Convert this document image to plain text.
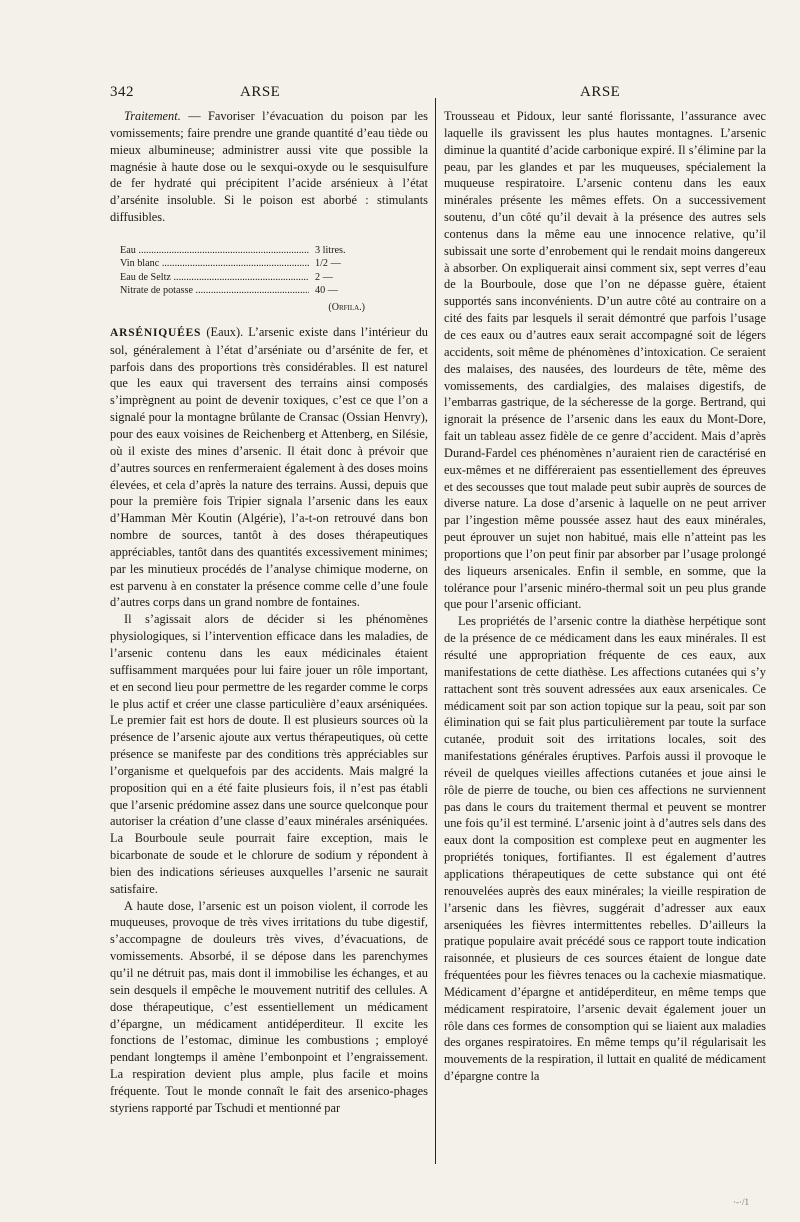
342	ARSE	ARSE

Traitement. — Favoriser l’évacuation du poison par les vomissements; faire prendre une grande quantité d’eau tiède ou mieux albumineuse; administrer aussi vite que possible la magnésie à haute dose ou le sexqui-oxyde ou le sesquisulfure de fer hydraté qui précipitent l’acide arsénieux à l’état d’arsénite insoluble. Si le poison est aborbé : stimulants diffusibles.

Eau .....	3 litres.
Vin blanc .....	1/2 —
Eau de Seltz .....	2 —
Nitrate de potasse .....	40 —
(Orfila.)

ARSÉNIQUÉES (Eaux). L’arsenic existe dans l’intérieur du sol, généralement à l’état d’arséniate ou d’arsénite de fer, et parfois dans des proportions très considérables. Il est naturel que les eaux qui traversent des terrains ainsi composés s’imprègnent au point de devenir toxiques, c’est ce que l’on a signalé pour la montagne brûlante de Cransac (Ossian Henvry), pour des eaux voisines de Reichenberg et Attenberg, en Silésie, où il existe des mines d’arsenic. Il était donc à prévoir que d’autres sources en renfermeraient également à des doses moins élevées, et cela d’après la nature des terrains. Aussi, depuis que pour la première fois Tripier signala l’arsenic dans les eaux d’Hamman Mèr Koutin (Algérie), l’a-t-on retrouvé dans bon nombre de sources, tantôt à des doses thérapeutiques appréciables, tantôt dans des quantités excessivement minimes; par les minutieux procédés de l’analyse chimique moderne, on est parvenu à en constater la présence comme celle d’une foule d’autres corps dans un grand nombre de fontaines.

Il s’agissait alors de décider si les phénomènes physiologiques, si l’intervention efficace dans les maladies, de l’arsenic contenu dans les eaux médicinales étaient suffisamment marquées pour lui faire jouer un rôle important, et en second lieu pour permettre de les regarder comme le corps le plus actif et créer une classe particulière d’eaux arséniquées. Le premier fait est hors de doute. Il est plusieurs sources où la présence de l’arsenic ajoute aux vertus thérapeutiques, où cette présence se manifeste par des conditions très appréciables sur l’organisme et quelquefois par des accidents. Mais malgré la proposition qui en a été faite plusieurs fois, il n’est pas établi que l’arsenic prédomine assez dans une source quelconque pour autoriser la création d’une classe d’eaux minérales arséniquées. La Bourboule seule pourrait faire exception, mais le bicarbonate de soude et le chlorure de sodium y répondent à bien des indications sérieuses auxquelles l’arsenic ne saurait satisfaire.

A haute dose, l’arsenic est un poison violent, il corrode les muqueuses, provoque de très vives irritations du tube digestif, s’accompagne de douleurs très vives, d’évacuations, de vomissements. Absorbé, il se dépose dans les parenchymes qu’il ne détruit pas, mais dont il immobilise les échanges, et au sein desquels il empêche le mouvement nutritif des cellules. A dose thérapeutique, c’est essentiellement un médicament d’épargne, un médicament antidéperditeur. Il excite les fonctions de l’estomac, diminue les combustions ; employé pendant longtemps il amène l’embonpoint et l’engraissement. La respiration devient plus ample, plus facile et moins fréquente. Tout le monde connaît le fait des arsenico-phages styriens rapporté par Tschudi et mentionné par

Trousseau et Pidoux, leur santé florissante, l’assurance avec laquelle ils gravissent les plus hautes montagnes. L’arsenic diminue la quantité d’acide carbonique expiré. Il s’élimine par la peau, par les glandes et par les muqueuses, spécialement la muqueuse respiratoire. L’arsenic contenu dans les eaux minérales présente les mêmes effets. On a successivement soutenu, d’un côté qu’il devait à la présence des autres sels contenus dans la même eau une innocence relative, qu’il subissait une sorte d’enrobement qui le rendait moins dangereux à absorber. On expliquerait ainsi comment six, sept verres d’eau de la Bourboule, dose que l’on ne dépasse guère, étaient supportés sans inconvénients. D’un autre côté au contraire on a cité des faits par lesquels il serait démontré que parfois l’usage de ces eaux ou d’autres eaux serait accompagné soit de légers accidents, soit même de phénomènes d’intoxication. Ce seraient des malaises, des nausées, des lourdeurs de tête, même des vomissements, des cardialgies, des malaises digestifs, de l’embarras gastrique, de la sécheresse de la gorge. Bertrand, qui ignorait la présence de l’arsenic dans les eaux du Mont-Dore, fait un tableau assez fidèle de ce genre d’accident. Mais d’après Durand-Fardel ces phénomènes n’auraient rien de caractérisé en eux-mêmes et ne différeraient pas essentiellement des épreuves et des secousses que tout malade peut subir auprès de sources de diverse nature. La dose d’arsenic à laquelle on ne peut arriver par l’ingestion même poussée assez haut des eaux minérales, peut éprouver un sujet non habitué, mais elle n’atteint pas les proportions que l’on peut finir par absorber par l’usage prolongé des liqueurs arsenicales. Enfin il semble, en somme, que la tolérance pour l’arsenic minéro-thermal soit un peu plus grande que pour l’arsenic officiant.

Les propriétés de l’arsenic contre la diathèse herpétique sont de la présence de ce médicament dans les eaux minérales. Il est résulté une appropriation fréquente de ces eaux, aux manifestations de cette diathèse. Les affections cutanées qui s’y rattachent sont très souvent adressées aux eaux arsenicales. Ce médicament soit par son action topique sur la peau, soit par son élimination qui se fait plus particulièrement par toute la surface cutanée, produit soit des irritations locales, soit des manifestations générales éruptives. Parfois aussi il provoque le réveil de quelques vieilles affections cutanées et joue ainsi le rôle de pierre de touche, ou bien ces affections ne surviennent pas dans le cours du traitement thermal et peuvent se montrer une fois qu’il est terminé. L’arsenic joint à d’autres sels dans des eaux dont la composition est complexe peut en augmenter les propriétés toniques, fortifiantes. Il est également d’autres applications thérapeutiques de cette substance qui ont été renouvelées auprès des eaux minérales; la vieille respiration de l’arsenic dans les fièvres, suggérait d’adresser aux eaux arseniquées les fièvres intermittentes rebelles. D’ailleurs la pratique populaire avait précédé sous ce rapport toute indication raisonnée, et plusieurs de ces sources étaient de longue date fréquentées pour les fièvres tenaces ou la cachexie miasmatique. Médicament d’épargne et antidéperditeur, en même temps que médicament respiratoire, l’arsenic devait également jouer un rôle dans ces formes de consomption qui se liaient aux maladies des organes respiratoires. En même temps qu’il régularisait les mouvements de la respiration, il luttait en qualité de médicament d’épargne contre la

·-·/1
